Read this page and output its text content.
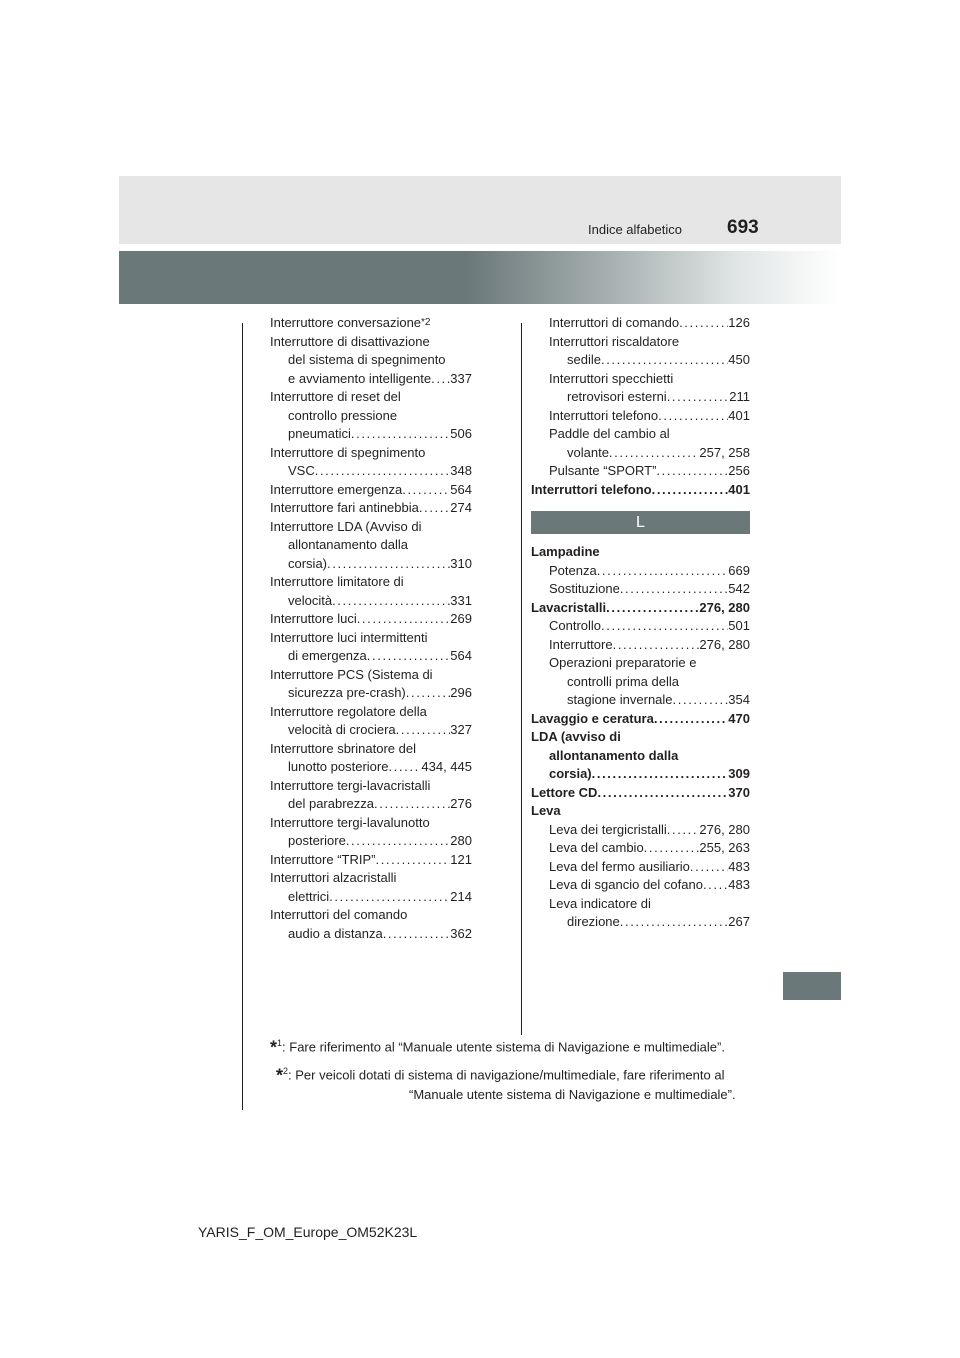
Indice alfabetico 693
Interruttore conversazione *2
Interruttore di disattivazione
del sistema di spegnimento
e avviamento intelligente . . . 337
Interruttore di reset del
controllo pressione
pneumatici . . .	506
Interruttore di spegnimento
VSC . . .	348
Interruttore emergenza . . .	564
Interruttore fari antinebbia . . . 274
Interruttore LDA (Avviso di
allontanamento dalla
corsia) . . .	310
Interruttore limitatore di
velocità . . .	331
Interruttore luci . . .	269
Interruttore luci intermittenti
di emergenza . . .	564
Interruttore PCS (Sistema di
sicurezza pre-crash) . . .	296
Interruttore regolatore della
velocità di crociera . . .	327
Interruttore sbrinatore del
lunotto posteriore . . .	434, 445
Interruttore tergi-lavacristalli
del parabrezza . . .	276
Interruttore tergi-lavalunotto
posteriore . . .	280
Interruttore “TRIP” . . .	121
Interruttori alzacristalli
elettrici . . .	214
Interruttori del comando
audio a distanza . . .	362
Interruttori di comando . . .	126
Interruttori riscaldatore
sedile . . .	450
Interruttori specchietti
retrovisori esterni . . .	211
Interruttori telefono . . .	401
Paddle del cambio al
volante . . .	257, 258
Pulsante “SPORT” . . .	256
Interruttori telefono . . .	401
L
Lampadine
Potenza . . .	669
Sostituzione . . .	542
Lavacristalli . . .	276, 280
Controllo . . .	501
Interruttore . . .	276, 280
Operazioni preparatorie e
controlli prima della
stagione invernale . . .	354
Lavaggio e ceratura . . .	470
LDA (avviso di
allontanamento dalla
corsia) . . .	309
Lettore CD . . .	370
Leva
Leva dei tergicristalli . . .	276, 280
Leva del cambio . . .	255, 263
Leva del fermo ausiliario . . .	483
Leva di sgancio del cofano . . . 483
Leva indicatore di
direzione . . .	267
*$^1$: Fare riferimento al “Manuale utente sistema di Navigazione e multimediale”.
*$^2$: Per veicoli dotati di sistema di navigazione/multimediale, fare riferimento al
“Manuale utente sistema di Navigazione e multimediale”.
YARIS_F_OM_Europe_OM52K23L
